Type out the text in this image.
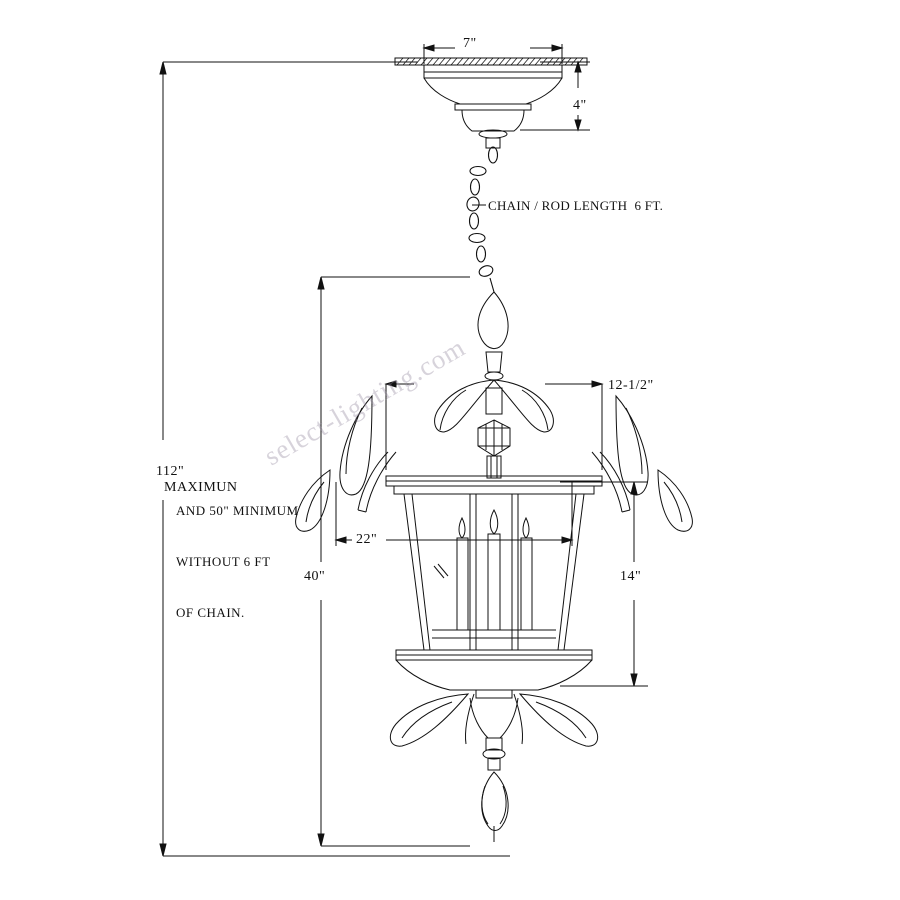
7"
4"
CHAIN / ROD LENGTH  6 FT.
12-1/2"

112"
MAXIMUN

AND 50" MINIMUM

WITHOUT 6 FT

OF CHAIN.

22"
40"	14"
select-lighting.com
